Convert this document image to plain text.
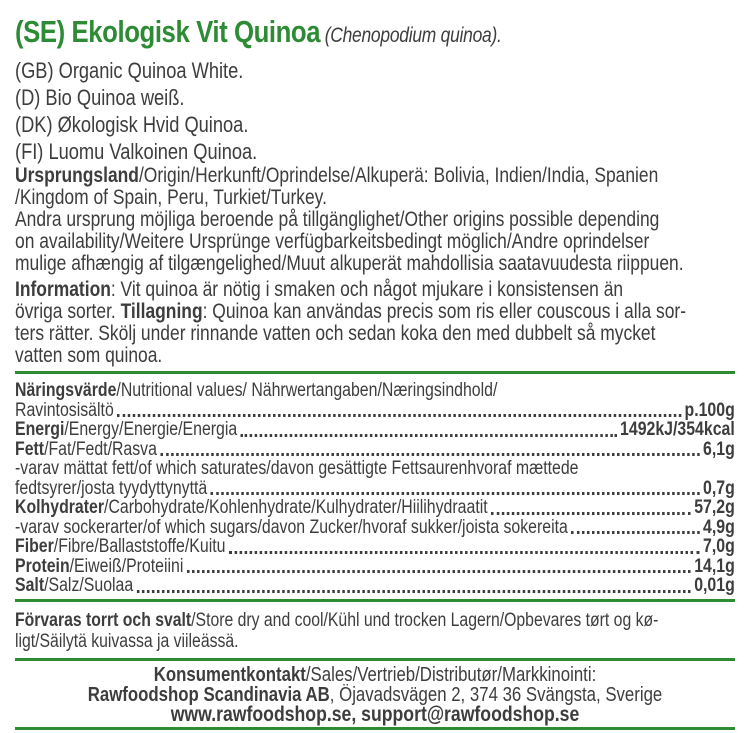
(SE) Ekologisk Vit Quinoa (Chenopodium quinoa).
(GB) Organic Quinoa White.
(D) Bio Quinoa weiß.
(DK) Økologisk Hvid Quinoa.
(FI) Luomu Valkoinen Quinoa.
Ursprungsland/Origin/Herkunft/Oprindelse/Alkuperä: Bolivia, Indien/India, Spanien
/Kingdom of Spain, Peru, Turkiet/Turkey.
Andra ursprung möjliga beroende på tillgänglighet/Other origins possible depending
on availability/Weitere Ursprünge verfügbarkeitsbedingt möglich/Andre oprindelser
mulige afhængig af tilgængelighed/Muut alkuperät mahdollisia saatavuudesta riippuen.
Information: Vit quinoa är nötig i smaken och något mjukare i konsistensen än
övriga sorter. Tillagning: Quinoa kan användas precis som ris eller couscous i alla sor-
ters rätter. Skölj under rinnande vatten och sedan koka den med dubbelt så mycket
vatten som quinoa.
Näringsvärde/Nutritional values/ Nährwertangaben/Næringsindhold/
Ravintosisältö	p.100g
Energi/Energy/Energie/Energia	1492kJ/354kcal
Fett/Fat/Fedt/Rasva	6,1g
-varav mättat fett/of which saturates/davon gesättigte Fettsaurenhvoraf mættede
fedtsyrer/josta tyydyttynyttä	0,7g
Kolhydrater/Carbohydrate/Kohlenhydrate/Kulhydrater/Hiilihydraatit	57,2g
-varav sockerarter/of which sugars/davon Zucker/hvoraf sukker/joista sokereita	4,9g
Fiber/Fibre/Ballaststoffe/Kuitu	7,0g
Protein/Eiweiß/Proteiini	14,1g
Salt/Salz/Suolaa	0,01g
Förvaras torrt och svalt/Store dry and cool/Kühl und trocken Lagern/Opbevares tørt og kø-
ligt/Säilytä kuivassa ja viileässä.
Konsumentkontakt/Sales/Vertrieb/Distributør/Markkinointi:
Rawfoodshop Scandinavia AB, Öjavadsvägen 2, 374 36 Svängsta, Sverige
www.rawfoodshop.se, support@rawfoodshop.se
